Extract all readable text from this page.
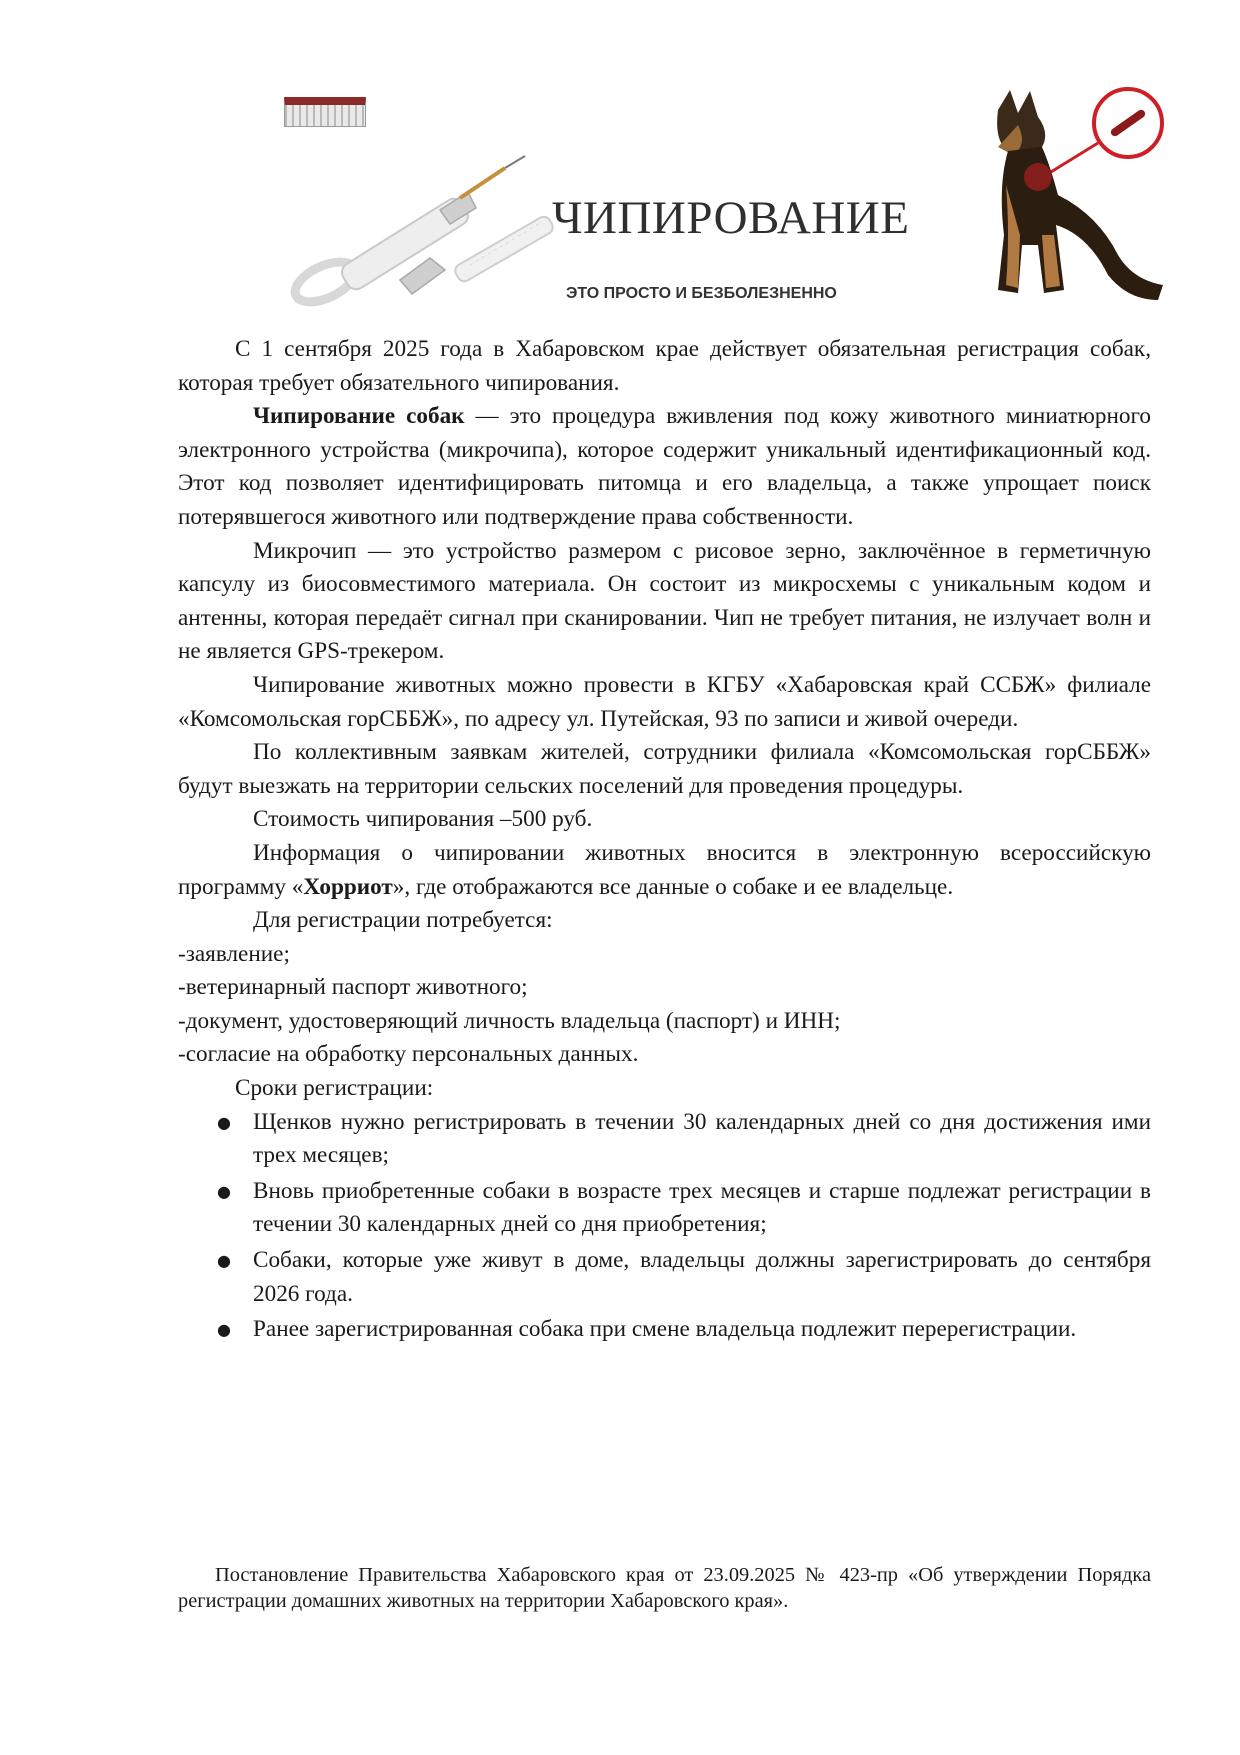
ЧИПИРОВАНИЕ
ЭТО ПРОСТО И БЕЗБОЛЕЗНЕННО

С 1 сентября 2025 года в Хабаровском крае действует обязательная регистрация собак, которая требует обязательного чипирования.

Чипирование собак — это процедура вживления под кожу животного миниатюрного электронного устройства (микрочипа), которое содержит уникальный идентификационный код. Этот код позволяет идентифицировать питомца и его владельца, а также упрощает поиск потерявшегося животного или подтверждение права собственности.

Микрочип — это устройство размером с рисовое зерно, заключённое в герметичную капсулу из биосовместимого материала. Он состоит из микросхемы с уникальным кодом и антенны, которая передаёт сигнал при сканировании. Чип не требует питания, не излучает волн и не является GPS-трекером.

Чипирование животных можно провести в КГБУ «Хабаровская край ССБЖ» филиале «Комсомольская горСББЖ», по адресу ул. Путейская, 93 по записи и живой очереди.

По коллективным заявкам жителей, сотрудники филиала «Комсомольская горСББЖ» будут выезжать на территории сельских поселений для проведения процедуры.

Стоимость чипирования –500 руб.

Информация о чипировании животных вносится в электронную всероссийскую программу «Хорриот», где отображаются все данные о собаке и ее владельце.

Для регистрации потребуется:

-заявление;

-ветеринарный паспорт животного;

-документ, удостоверяющий личность владельца (паспорт) и ИНН;

-согласие на обработку персональных данных.

Сроки регистрации:

● Щенков нужно регистрировать в течении 30 календарных дней со дня достижения ими трех месяцев;
● Вновь приобретенные собаки в возрасте трех месяцев и старше подлежат регистрации в течении 30 календарных дней со дня приобретения;
● Собаки, которые уже живут в доме, владельцы должны зарегистрировать до сентября 2026 года.
● Ранее зарегистрированная собака при смене владельца подлежит перерегистрации.

Постановление Правительства Хабаровского края от 23.09.2025 № 423-пр «Об утверждении Порядка регистрации домашних животных на территории Хабаровского края».
